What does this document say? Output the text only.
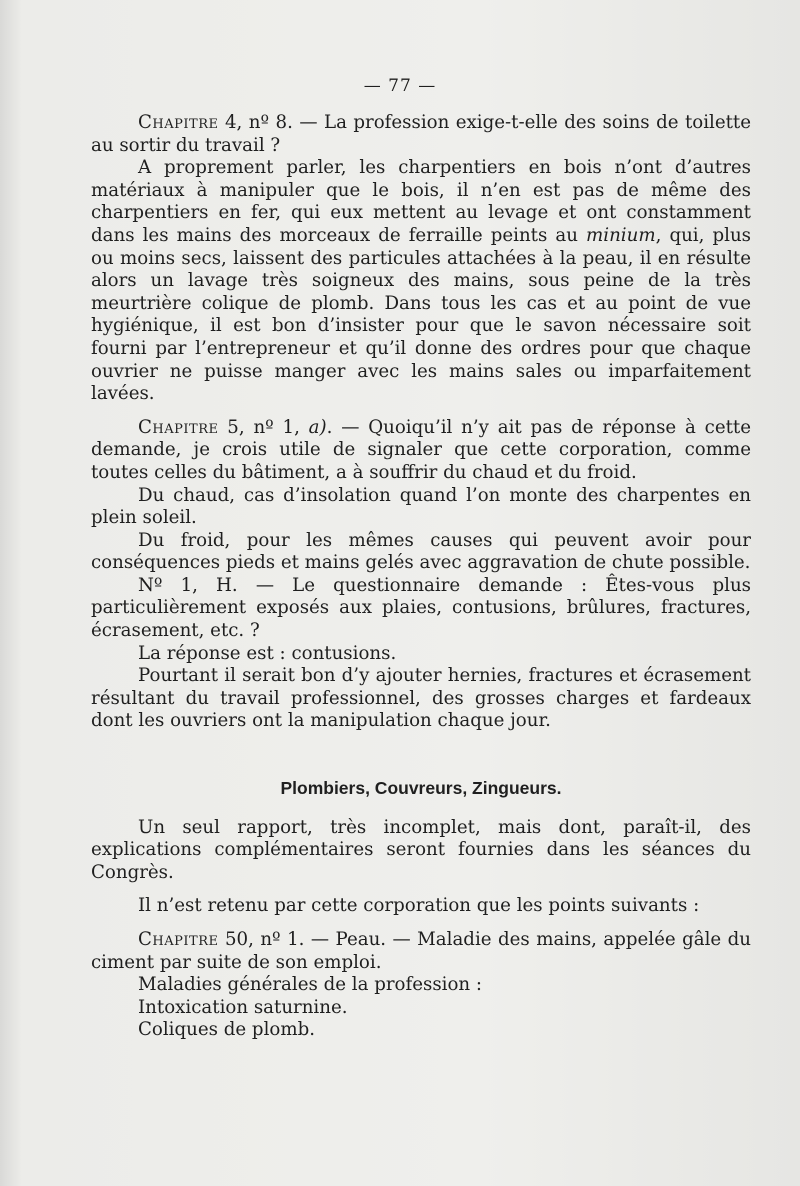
— 77 —

Chapitre 4, nº 8. — La profession exige-t-elle des soins de toilette au sortir du travail ?

A proprement parler, les charpentiers en bois n’ont d’autres matériaux à manipuler que le bois, il n’en est pas de même des charpentiers en fer, qui eux mettent au levage et ont constamment dans les mains des morceaux de ferraille peints au minium, qui, plus ou moins secs, laissent des particules attachées à la peau, il en résulte alors un lavage très soigneux des mains, sous peine de la très meurtrière colique de plomb. Dans tous les cas et au point de vue hygiénique, il est bon d’insister pour que le savon nécessaire soit fourni par l’entrepreneur et qu’il donne des ordres pour que chaque ouvrier ne puisse manger avec les mains sales ou imparfaitement lavées.

Chapitre 5, nº 1, a). — Quoiqu’il n’y ait pas de réponse à cette demande, je crois utile de signaler que cette corporation, comme toutes celles du bâtiment, a à souffrir du chaud et du froid.

Du chaud, cas d’insolation quand l’on monte des charpentes en plein soleil.

Du froid, pour les mêmes causes qui peuvent avoir pour conséquences pieds et mains gelés avec aggravation de chute possible.

Nº 1, H. — Le questionnaire demande : Êtes-vous plus particulièrement exposés aux plaies, contusions, brûlures, fractures, écrasement, etc. ?

La réponse est : contusions.

Pourtant il serait bon d’y ajouter hernies, fractures et écrasement résultant du travail professionnel, des grosses charges et fardeaux dont les ouvriers ont la manipulation chaque jour.

Plombiers, Couvreurs, Zingueurs.

Un seul rapport, très incomplet, mais dont, paraît-il, des explications complémentaires seront fournies dans les séances du Congrès.

Il n’est retenu par cette corporation que les points suivants :

Chapitre 50, nº 1. — Peau. — Maladie des mains, appelée gâle du ciment par suite de son emploi.

Maladies générales de la profession :

Intoxication saturnine.

Coliques de plomb.
